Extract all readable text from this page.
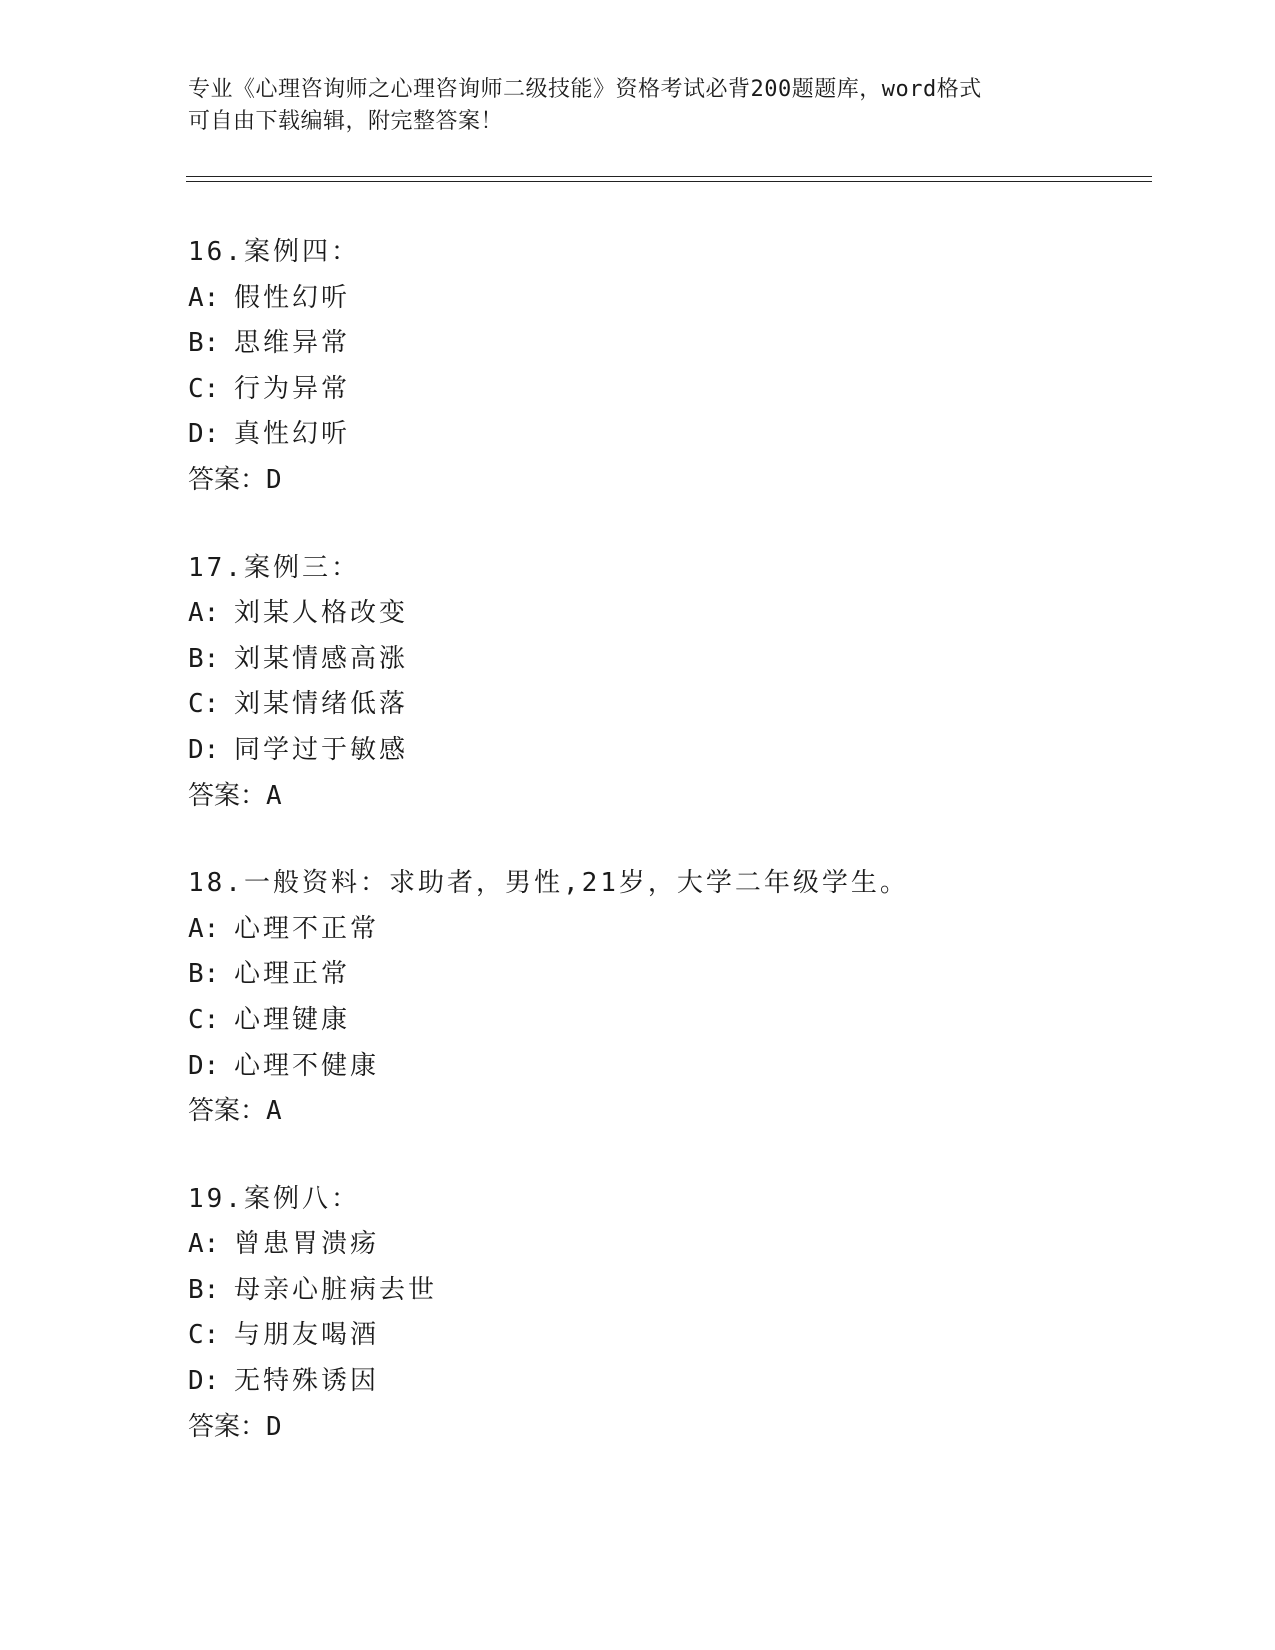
专业《心理咨询师之心理咨询师二级技能》资格考试必背200题题库，word格式
可自由下载编辑，附完整答案！
16.案例四：
A: 假性幻听
B: 思维异常
C: 行为异常
D: 真性幻听
答案：D
17.案例三：
A: 刘某人格改变
B: 刘某情感高涨
C: 刘某情绪低落
D: 同学过于敏感
答案：A
18.一般资料：求助者，男性,21岁，大学二年级学生。
A: 心理不正常
B: 心理正常
C: 心理键康
D: 心理不健康
答案：A
19.案例八：
A: 曾患胃溃疡
B: 母亲心脏病去世
C: 与朋友喝酒
D: 无特殊诱因
答案：D
